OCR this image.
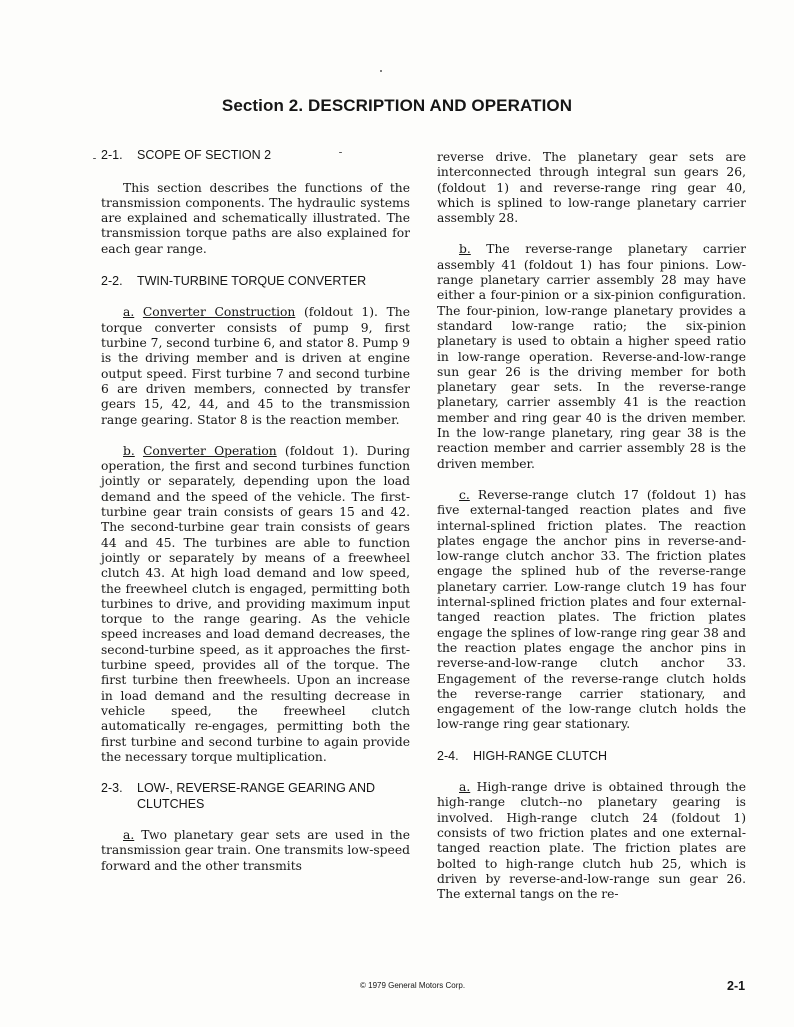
Section 2. DESCRIPTION AND OPERATION
2-1.	SCOPE OF SECTION 2

This section describes the functions of the transmission components. The hydraulic systems are explained and schematically illustrated. The transmission torque paths are also explained for each gear range.

2-2.	TWIN-TURBINE TORQUE CONVERTER

a. Converter Construction (foldout 1). The torque converter consists of pump 9, first turbine 7, second turbine 6, and stator 8. Pump 9 is the driving member and is driven at engine output speed. First turbine 7 and second turbine 6 are driven members, connected by transfer gears 15, 42, 44, and 45 to the transmission range gearing. Stator 8 is the reaction member.

b. Converter Operation (foldout 1). During operation, the first and second turbines function jointly or separately, depending upon the load demand and the speed of the vehicle. The first-turbine gear train consists of gears 15 and 42. The second-turbine gear train consists of gears 44 and 45. The turbines are able to function jointly or separately by means of a freewheel clutch 43. At high load demand and low speed, the freewheel clutch is engaged, permitting both turbines to drive, and providing maximum input torque to the range gearing. As the vehicle speed increases and load demand decreases, the second-turbine speed, as it approaches the first-turbine speed, provides all of the torque. The first turbine then freewheels. Upon an increase in load demand and the resulting decrease in vehicle speed, the freewheel clutch automatically re-engages, permitting both the first turbine and second turbine to again provide the necessary torque multiplication.

2-3.	LOW-, REVERSE-RANGE GEARING AND CLUTCHES

a. Two planetary gear sets are used in the transmission gear train. One transmits low-speed forward and the other transmits

reverse drive. The planetary gear sets are interconnected through integral sun gears 26, (foldout 1) and reverse-range ring gear 40, which is splined to low-range planetary carrier assembly 28.

b. The reverse-range planetary carrier assembly 41 (foldout 1) has four pinions. Low-range planetary carrier assembly 28 may have either a four-pinion or a six-pinion configuration. The four-pinion, low-range planetary provides a standard low-range ratio; the six-pinion planetary is used to obtain a higher speed ratio in low-range operation. Reverse-and-low-range sun gear 26 is the driving member for both planetary gear sets. In the reverse-range planetary, carrier assembly 41 is the reaction member and ring gear 40 is the driven member. In the low-range planetary, ring gear 38 is the reaction member and carrier assembly 28 is the driven member.

c. Reverse-range clutch 17 (foldout 1) has five external-tanged reaction plates and five internal-splined friction plates. The reaction plates engage the anchor pins in reverse-and-low-range clutch anchor 33. The friction plates engage the splined hub of the reverse-range planetary carrier. Low-range clutch 19 has four internal-splined friction plates and four external-tanged reaction plates. The friction plates engage the splines of low-range ring gear 38 and the reaction plates engage the anchor pins in reverse-and-low-range clutch anchor 33. Engagement of the reverse-range clutch holds the reverse-range carrier stationary, and engagement of the low-range clutch holds the low-range ring gear stationary.

2-4.	HIGH-RANGE CLUTCH

a. High-range drive is obtained through the high-range clutch--no planetary gearing is involved. High-range clutch 24 (foldout 1) consists of two friction plates and one external-tanged reaction plate. The friction plates are bolted to high-range clutch hub 25, which is driven by reverse-and-low-range sun gear 26. The external tangs on the re-

© 1979 General Motors Corp.	2-1
